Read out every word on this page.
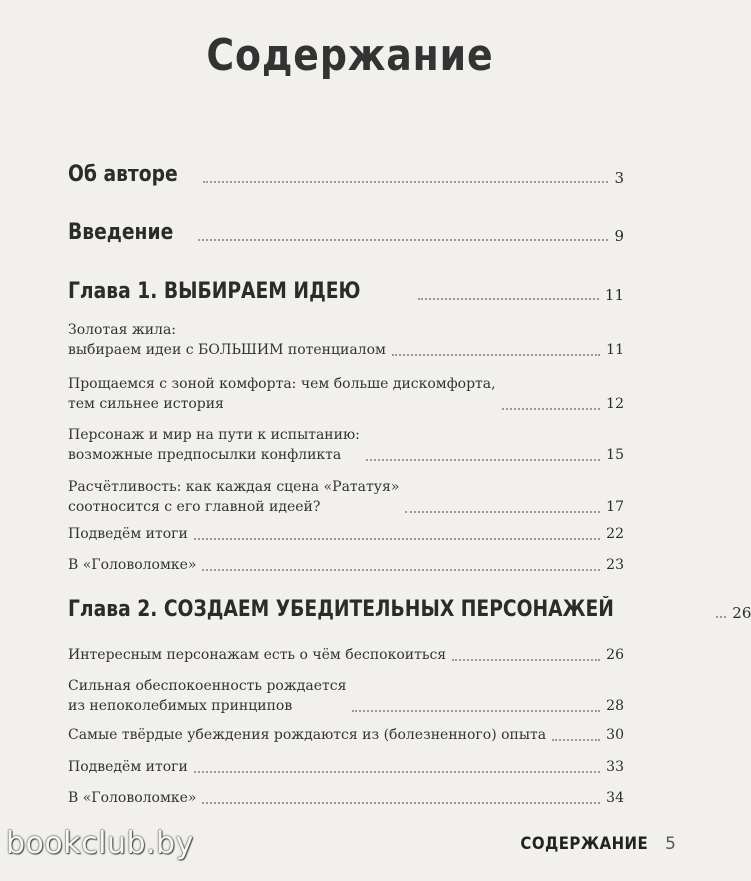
Содержание
Об авторе	3
Введение	9
Глава 1. ВЫБИРАЕМ ИДЕЮ	11
Золотая жила:
выбираем идеи с БОЛЬШИМ потенциалом	11
Прощаемся с зоной комфорта: чем больше дискомфорта,
тем сильнее история	12
Персонаж и мир на пути к испытанию:
возможные предпосылки конфликта	15
Расчётливость: как каждая сцена «Рататуя»
соотносится с его главной идеей?	17
Подведём итоги	22
В «Головоломке»	23
Глава 2. СОЗДАЕМ УБЕДИТЕЛЬНЫХ ПЕРСОНАЖЕЙ	26
Интересным персонажам есть о чём беспокоиться	26
Сильная обеспокоенность рождается
из непоколебимых принципов	28
Самые твёрдые убеждения рождаются из (болезненного) опыта	30
Подведём итоги	33
В «Головоломке»	34
СОДЕРЖАНИЕ 5
bookclub.by
